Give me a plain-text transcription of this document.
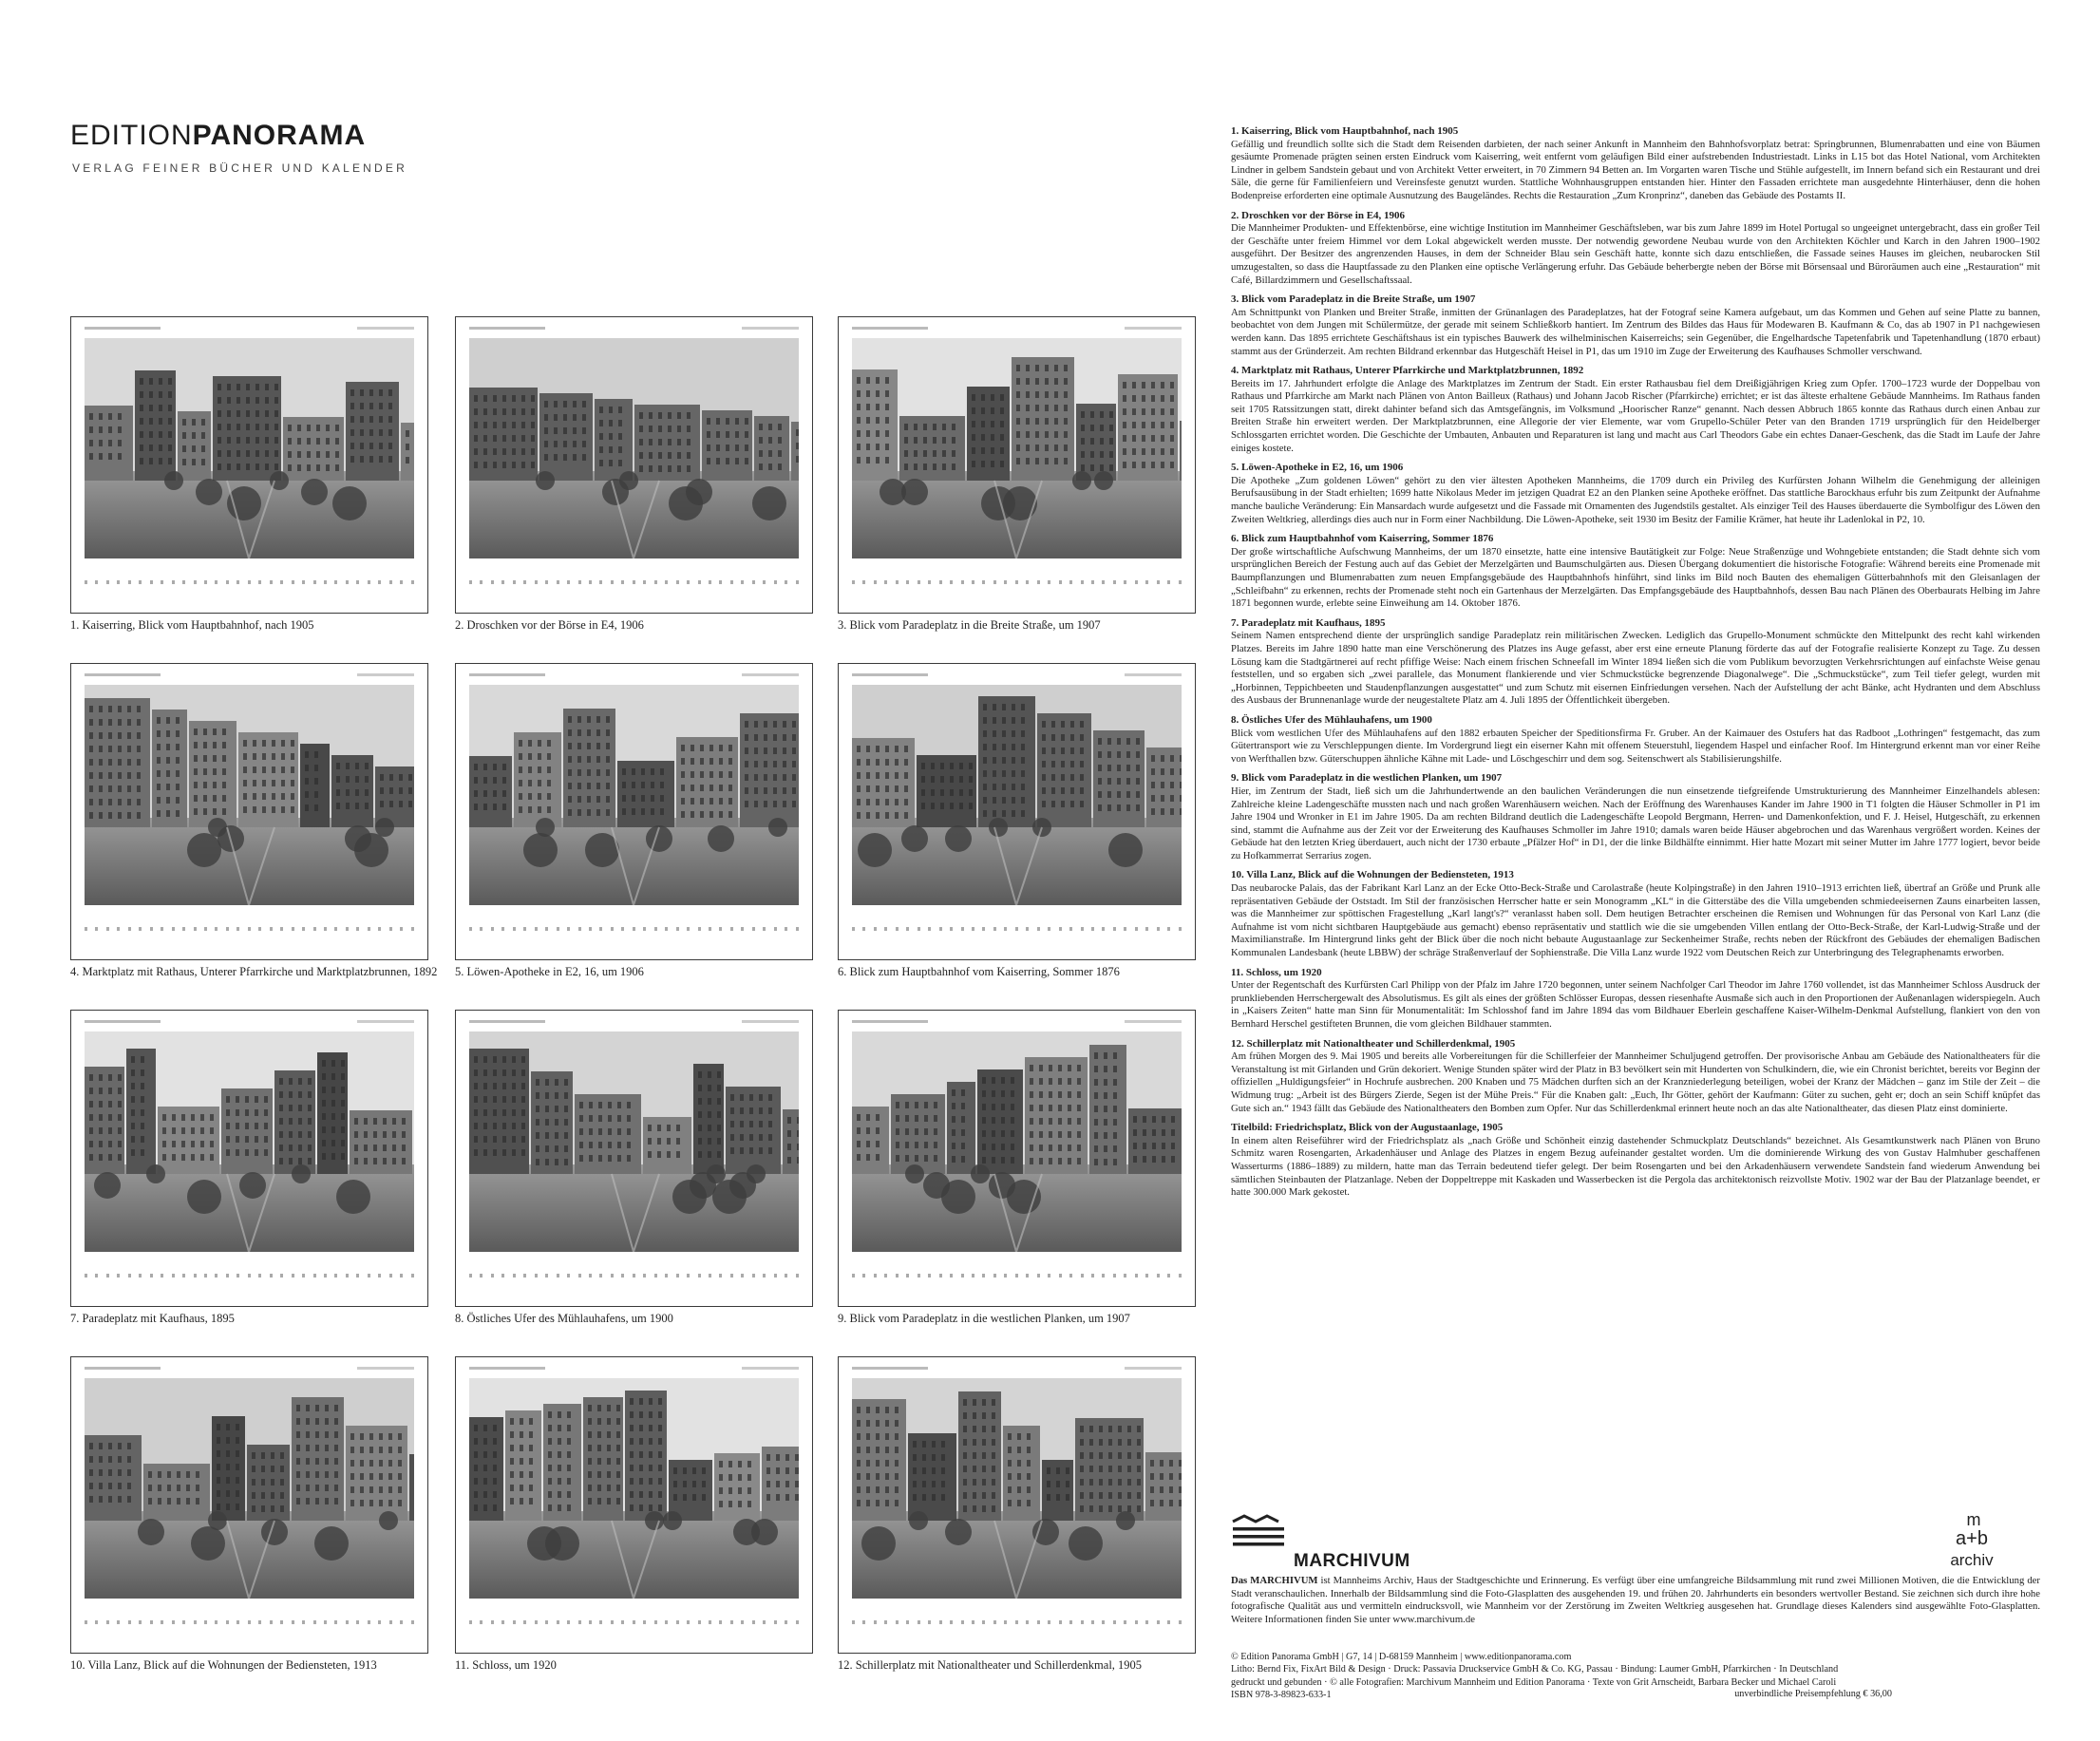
EDITIONPANORAMA
VERLAG FEINER BÜCHER UND KALENDER
1. Kaiserring, Blick vom Hauptbahnhof, nach 1905	2. Droschken vor der Börse in E4, 1906	3. Blick vom Paradeplatz in die Breite Straße, um 1907
4. Marktplatz mit Rathaus, Unterer Pfarrkirche und Marktplatzbrunnen, 1892 5. Löwen-Apotheke in E2, 16, um 1906	6. Blick zum Hauptbahnhof vom Kaiserring, Sommer 1876
7. Paradeplatz mit Kaufhaus, 1895	8. Östliches Ufer des Mühlauhafens, um 1900	9. Blick vom Paradeplatz in die westlichen Planken, um 1907
10. Villa Lanz, Blick auf die Wohnungen der Bediensteten, 1913	11. Schloss, um 1920	12. Schillerplatz mit Nationaltheater und Schillerdenkmal, 1905
1. Kaiserring, Blick vom Hauptbahnhof, nach 1905
Gefällig und freundlich sollte sich die Stadt dem Reisenden darbieten, der nach seiner Ankunft in Mannheim den Bahnhofsvorplatz betrat: Springbrunnen, Blumenrabatten und eine von Bäumen gesäumte Promenade prägten seinen ersten Eindruck vom Kaiserring, weit entfernt vom geläufigen Bild einer aufstrebenden Industriestadt. Links in L15 bot das Hotel National, vom Architekten Lindner in gelbem Sandstein gebaut und von Architekt Vetter erweitert, in 70 Zimmern 94 Betten an. Im Vorgarten waren Tische und Stühle aufgestellt, im Innern befand sich ein Restaurant und drei Säle, die gerne für Familienfeiern und Vereinsfeste genutzt wurden. Stattliche Wohnhausgruppen entstanden hier. Hinter den Fassaden errichtete man ausgedehnte Hinterhäuser, denn die hohen Bodenpreise erforderten eine optimale Ausnutzung des Baugeländes. Rechts die Restauration „Zum Kronprinz“, daneben das Gebäude des Postamts II.
2. Droschken vor der Börse in E4, 1906
Die Mannheimer Produkten- und Effektenbörse, eine wichtige Institution im Mannheimer Geschäftsleben, war bis zum Jahre 1899 im Hotel Portugal so ungeeignet untergebracht, dass ein großer Teil der Geschäfte unter freiem Himmel vor dem Lokal abgewickelt werden musste. Der notwendig gewordene Neubau wurde von den Architekten Köchler und Karch in den Jahren 1900–1902 ausgeführt. Der Besitzer des angrenzenden Hauses, in dem der Schneider Blau sein Geschäft hatte, konnte sich dazu entschließen, die Fassade seines Hauses im gleichen, neubarocken Stil umzugestalten, so dass die Hauptfassade zu den Planken eine optische Verlängerung erfuhr. Das Gebäude beherbergte neben der Börse mit Börsensaal und Büroräumen auch eine „Restauration“ mit Café, Billardzimmern und Gesellschaftssaal.
3. Blick vom Paradeplatz in die Breite Straße, um 1907
Am Schnittpunkt von Planken und Breiter Straße, inmitten der Grünanlagen des Paradeplatzes, hat der Fotograf seine Kamera aufgebaut, um das Kommen und Gehen auf seine Platte zu bannen, beobachtet von dem Jungen mit Schülermütze, der gerade mit seinem Schließkorb hantiert. Im Zentrum des Bildes das Haus für Modewaren B. Kaufmann & Co, das ab 1907 in P1 nachgewiesen werden kann. Das 1895 errichtete Geschäftshaus ist ein typisches Bauwerk des wilhelminischen Kaiserreichs; sein Gegenüber, die Engelhardsche Tapetenfabrik und Tapetenhandlung (1870 erbaut) stammt aus der Gründerzeit. Am rechten Bildrand erkennbar das Hutgeschäft Heisel in P1, das um 1910 im Zuge der Erweiterung des Kaufhauses Schmoller verschwand.
4. Marktplatz mit Rathaus, Unterer Pfarrkirche und Marktplatzbrunnen, 1892
Bereits im 17. Jahrhundert erfolgte die Anlage des Marktplatzes im Zentrum der Stadt. Ein erster Rathausbau fiel dem Dreißigjährigen Krieg zum Opfer. 1700–1723 wurde der Doppelbau von Rathaus und Pfarrkirche am Markt nach Plänen von Anton Bailleux (Rathaus) und Johann Jacob Rischer (Pfarrkirche) errichtet; er ist das älteste erhaltene Gebäude Mannheims. Im Rathaus fanden seit 1705 Ratssitzungen statt, direkt dahinter befand sich das Amtsgefängnis, im Volksmund „Hoorischer Ranze“ genannt. Nach dessen Abbruch 1865 konnte das Rathaus durch einen Anbau zur Breiten Straße hin erweitert werden. Der Marktplatzbrunnen, eine Allegorie der vier Elemente, war vom Grupello-Schüler Peter van den Branden 1719 ursprünglich für den Heidelberger Schlossgarten errichtet worden. Die Geschichte der Umbauten, Anbauten und Reparaturen ist lang und macht aus Carl Theodors Gabe ein echtes Danaer-Geschenk, das die Stadt im Laufe der Jahre einiges kostete.
5. Löwen-Apotheke in E2, 16, um 1906
Die Apotheke „Zum goldenen Löwen“ gehört zu den vier ältesten Apotheken Mannheims, die 1709 durch ein Privileg des Kurfürsten Johann Wilhelm die Genehmigung der alleinigen Berufsausübung in der Stadt erhielten; 1699 hatte Nikolaus Meder im jetzigen Quadrat E2 an den Planken seine Apotheke eröffnet. Das stattliche Barockhaus erfuhr bis zum Zeitpunkt der Aufnahme manche bauliche Veränderung: Ein Mansardach wurde aufgesetzt und die Fassade mit Ornamenten des Jugendstils gestaltet. Als einziger Teil des Hauses überdauerte die Symbolfigur des Löwen den Zweiten Weltkrieg, allerdings dies auch nur in Form einer Nachbildung. Die Löwen-Apotheke, seit 1930 im Besitz der Familie Krämer, hat heute ihr Ladenlokal in P2, 10.
6. Blick zum Hauptbahnhof vom Kaiserring, Sommer 1876
Der große wirtschaftliche Aufschwung Mannheims, der um 1870 einsetzte, hatte eine intensive Bautätigkeit zur Folge: Neue Straßenzüge und Wohngebiete entstanden; die Stadt dehnte sich vom ursprünglichen Bereich der Festung auch auf das Gebiet der Merzelgärten und Baumschulgärten aus. Diesen Übergang dokumentiert die historische Fotografie: Während bereits eine Promenade mit Baumpflanzungen und Blumenrabatten zum neuen Empfangsgebäude des Hauptbahnhofs hinführt, sind links im Bild noch Bauten des ehemaligen Gütterbahnhofs mit den Gleisanlagen der „Schleifbahn“ zu erkennen, rechts der Promenade steht noch ein Gartenhaus der Merzelgärten. Das Empfangsgebäude des Hauptbahnhofs, dessen Bau nach Plänen des Oberbaurats Helbing im Jahre 1871 begonnen wurde, erlebte seine Einweihung am 14. Oktober 1876.
7. Paradeplatz mit Kaufhaus, 1895
Seinem Namen entsprechend diente der ursprünglich sandige Paradeplatz rein militärischen Zwecken. Lediglich das Grupello-Monument schmückte den Mittelpunkt des recht kahl wirkenden Platzes. Bereits im Jahre 1890 hatte man eine Verschönerung des Platzes ins Auge gefasst, aber erst eine erneute Planung förderte das auf der Fotografie realisierte Konzept zu Tage. Zu dessen Lösung kam die Stadtgärtnerei auf recht pfiffige Weise: Nach einem frischen Schneefall im Winter 1894 ließen sich die vom Publikum bevorzugten Verkehrsrichtungen auf einfachste Weise genau feststellen, und so ergaben sich „zwei parallele, das Monument flankierende und vier Schmuckstücke begrenzende Diagonalwege“. Die „Schmuckstücke“, zum Teil tiefer gelegt, wurden mit „Horbinnen, Teppichbeeten und Staudenpflanzungen ausgestattet“ und zum Schutz mit eisernen Einfriedungen versehen. Nach der Aufstellung der acht Bänke, acht Hydranten und dem Abschluss des Ausbaus der Brunnenanlage wurde der neugestaltete Platz am 4. Juli 1895 der Öffentlichkeit übergeben.
8. Östliches Ufer des Mühlauhafens, um 1900
Blick vom westlichen Ufer des Mühlauhafens auf den 1882 erbauten Speicher der Speditionsfirma Fr. Gruber. An der Kaimauer des Ostufers hat das Radboot „Lothringen“ festgemacht, das zum Gütertransport wie zu Verschleppungen diente. Im Vordergrund liegt ein eiserner Kahn mit offenem Steuerstuhl, liegendem Haspel und einfacher Roof. Im Hintergrund erkennt man vor einer Reihe von Werfthallen bzw. Güterschuppen ähnliche Kähne mit Lade- und Löschgeschirr und dem sog. Seitenschwert als Stabilisierungshilfe.
9. Blick vom Paradeplatz in die westlichen Planken, um 1907
Hier, im Zentrum der Stadt, ließ sich um die Jahrhundertwende an den baulichen Veränderungen die nun einsetzende tiefgreifende Umstrukturierung des Mannheimer Einzelhandels ablesen: Zahlreiche kleine Ladengeschäfte mussten nach und nach großen Warenhäusern weichen. Nach der Eröffnung des Warenhauses Kander im Jahre 1900 in T1 folgten die Häuser Schmoller in P1 im Jahre 1904 und Wronker in E1 im Jahre 1905. Da am rechten Bildrand deutlich die Ladengeschäfte Leopold Bergmann, Herren- und Damenkonfektion, und F. J. Heisel, Hutgeschäft, zu erkennen sind, stammt die Aufnahme aus der Zeit vor der Erweiterung des Kaufhauses Schmoller im Jahre 1910; damals waren beide Häuser abgebrochen und das Warenhaus vergrößert worden. Keines der Gebäude hat den letzten Krieg überdauert, auch nicht der 1730 erbaute „Pfälzer Hof“ in D1, der die linke Bildhälfte einnimmt. Hier hatte Mozart mit seiner Mutter im Jahre 1777 logiert, bevor beide zu Hofkammerrat Serrarius zogen.
10. Villa Lanz, Blick auf die Wohnungen der Bediensteten, 1913
Das neubarocke Palais, das der Fabrikant Karl Lanz an der Ecke Otto-Beck-Straße und Carolastraße (heute Kolpingstraße) in den Jahren 1910–1913 errichten ließ, übertraf an Größe und Prunk alle repräsentativen Gebäude der Oststadt. Im Stil der französischen Herrscher hatte er sein Monogramm „KL“ in die Gitterstäbe des die Villa umgebenden schmiedeeisernen Zauns einarbeiten lassen, was die Mannheimer zur spöttischen Fragestellung „Karl langt's?“ veranlasst haben soll. Dem heutigen Betrachter erscheinen die Remisen und Wohnungen für das Personal von Karl Lanz (die Aufnahme ist vom nicht sichtbaren Hauptgebäude aus gemacht) ebenso repräsentativ und stattlich wie die sie umgebenden Villen entlang der Otto-Beck-Straße, der Karl-Ludwig-Straße und der Maximilianstraße. Im Hintergrund links geht der Blick über die noch nicht bebaute Augustaanlage zur Seckenheimer Straße, rechts neben der Rückfront des Gebäudes der ehemaligen Badischen Kommunalen Landesbank (heute LBBW) der schräge Straßenverlauf der Sophienstraße. Die Villa Lanz wurde 1922 vom Deutschen Reich zur Unterbringung des Telegraphenamts erworben.
11. Schloss, um 1920
Unter der Regentschaft des Kurfürsten Carl Philipp von der Pfalz im Jahre 1720 begonnen, unter seinem Nachfolger Carl Theodor im Jahre 1760 vollendet, ist das Mannheimer Schloss Ausdruck der prunkliebenden Herrschergewalt des Absolutismus. Es gilt als eines der größten Schlösser Europas, dessen riesenhafte Ausmaße sich auch in den Proportionen der Außenanlagen widerspiegeln. Auch in „Kaisers Zeiten“ hatte man Sinn für Monumentalität: Im Schlosshof fand im Jahre 1894 das vom Bildhauer Eberlein geschaffene Kaiser-Wilhelm-Denkmal Aufstellung, flankiert von den von Bernhard Herschel gestifteten Brunnen, die vom gleichen Bildhauer stammten.
12. Schillerplatz mit Nationaltheater und Schillerdenkmal, 1905
Am frühen Morgen des 9. Mai 1905 und bereits alle Vorbereitungen für die Schillerfeier der Mannheimer Schuljugend getroffen. Der provisorische Anbau am Gebäude des Nationaltheaters für die Veranstaltung ist mit Girlanden und Grün dekoriert. Wenige Stunden später wird der Platz in B3 bevölkert sein mit Hunderten von Schulkindern, die, wie ein Chronist berichtet, bereits vor Beginn der offiziellen „Huldigungsfeier“ in Hochrufe ausbrechen. 200 Knaben und 75 Mädchen durften sich an der Kranzniederlegung beteiligen, wobei der Kranz der Mädchen – ganz im Stile der Zeit – die Widmung trug: „Arbeit ist des Bürgers Zierde, Segen ist der Mühe Preis.“ Für die Knaben galt: „Euch, Ihr Götter, gehört der Kaufmann: Güter zu suchen, geht er; doch an sein Schiff knüpfet das Gute sich an.“ 1943 fällt das Gebäude des Nationaltheaters den Bomben zum Opfer. Nur das Schillerdenkmal erinnert heute noch an das alte Nationaltheater, das diesen Platz einst dominierte.
Titelbild: Friedrichsplatz, Blick von der Augustaanlage, 1905
In einem alten Reiseführer wird der Friedrichsplatz als „nach Größe und Schönheit einzig dastehender Schmuckplatz Deutschlands“ bezeichnet. Als Gesamtkunstwerk nach Plänen von Bruno Schmitz waren Rosengarten, Arkadenhäuser und Anlage des Platzes in engem Bezug aufeinander gestaltet worden. Um die dominierende Wirkung des von Gustav Halmhuber geschaffenen Wasserturms (1886–1889) zu mildern, hatte man das Terrain bedeutend tiefer gelegt. Der beim Rosengarten und bei den Arkadenhäusern verwendete Sandstein fand wiederum Anwendung bei sämtlichen Steinbauten der Platzanlage. Neben der Doppeltreppe mit Kaskaden und Wasserbecken ist die Pergola das architektonisch reizvollste Motiv. 1902 war der Bau der Platzanlage beendet, er hatte 300.000 Mark gekostet.
MARCHIVUM
m
a+b
archiv
Das MARCHIVUM ist Mannheims Archiv, Haus der Stadtgeschichte und Erinnerung. Es verfügt über eine umfangreiche Bildsammlung mit rund zwei Millionen Motiven, die die Entwicklung der Stadt veranschaulichen. Innerhalb der Bildsammlung sind die Foto-Glasplatten des ausgehenden 19. und frühen 20. Jahrhunderts ein besonders wertvoller Bestand. Sie zeichnen sich durch ihre hohe fotografische Qualität aus und vermitteln eindrucksvoll, wie Mannheim vor der Zerstörung im Zweiten Weltkrieg ausgesehen hat. Grundlage dieses Kalenders sind ausgewählte Foto-Glasplatten. Weitere Informationen finden Sie unter www.marchivum.de
© Edition Panorama GmbH | G7, 14 | D-68159 Mannheim | www.editionpanorama.com
Litho: Bernd Fix, FixArt Bild & Design · Druck: Passavia Druckservice GmbH & Co. KG, Passau · Bindung: Laumer GmbH, Pfarrkirchen · In Deutschland
gedruckt und gebunden · © alle Fotografien: Marchivum Mannheim und Edition Panorama · Texte von Grit Arnscheidt, Barbara Becker und Michael Caroli
ISBN 978-3-89823-633-1	unverbindliche Preisempfehlung € 36,00
